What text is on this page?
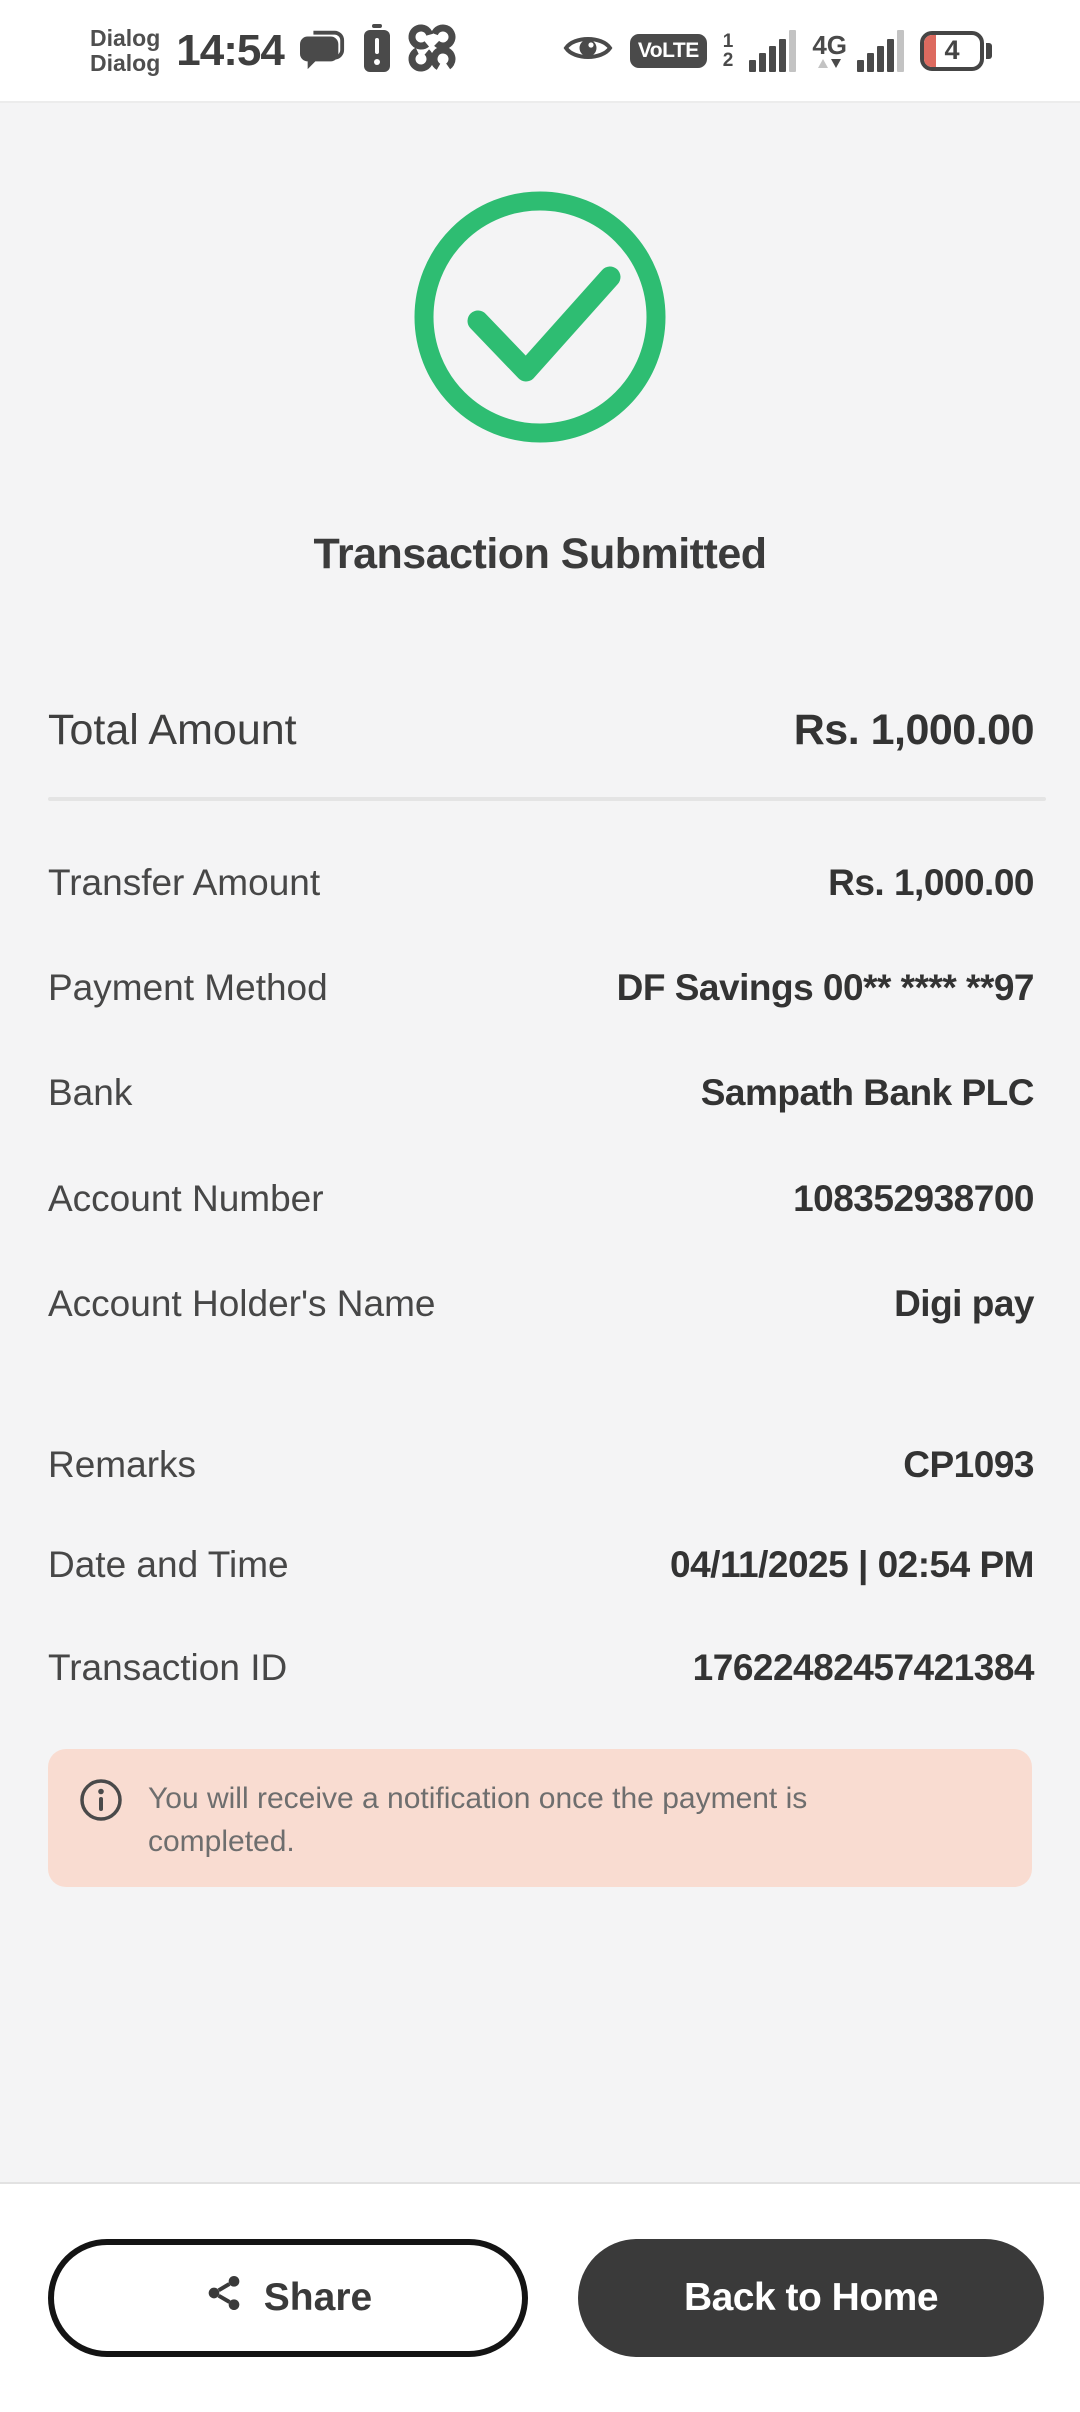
Dialog
Dialog 14:54	VoLTE	1
2	4G	4
Transaction Submitted
Total Amount	Rs. 1,000.00
Transfer Amount	Rs. 1,000.00
Payment Method	DF Savings 00** **** **97
Bank	Sampath Bank PLC
Account Number	108352938700
Account Holder's Name	Digi pay
Remarks	CP1093
Date and Time	04/11/2025 | 02:54 PM
Transaction ID	17622482457421384
You will receive a notification once the payment is completed.
Share	Back to Home
